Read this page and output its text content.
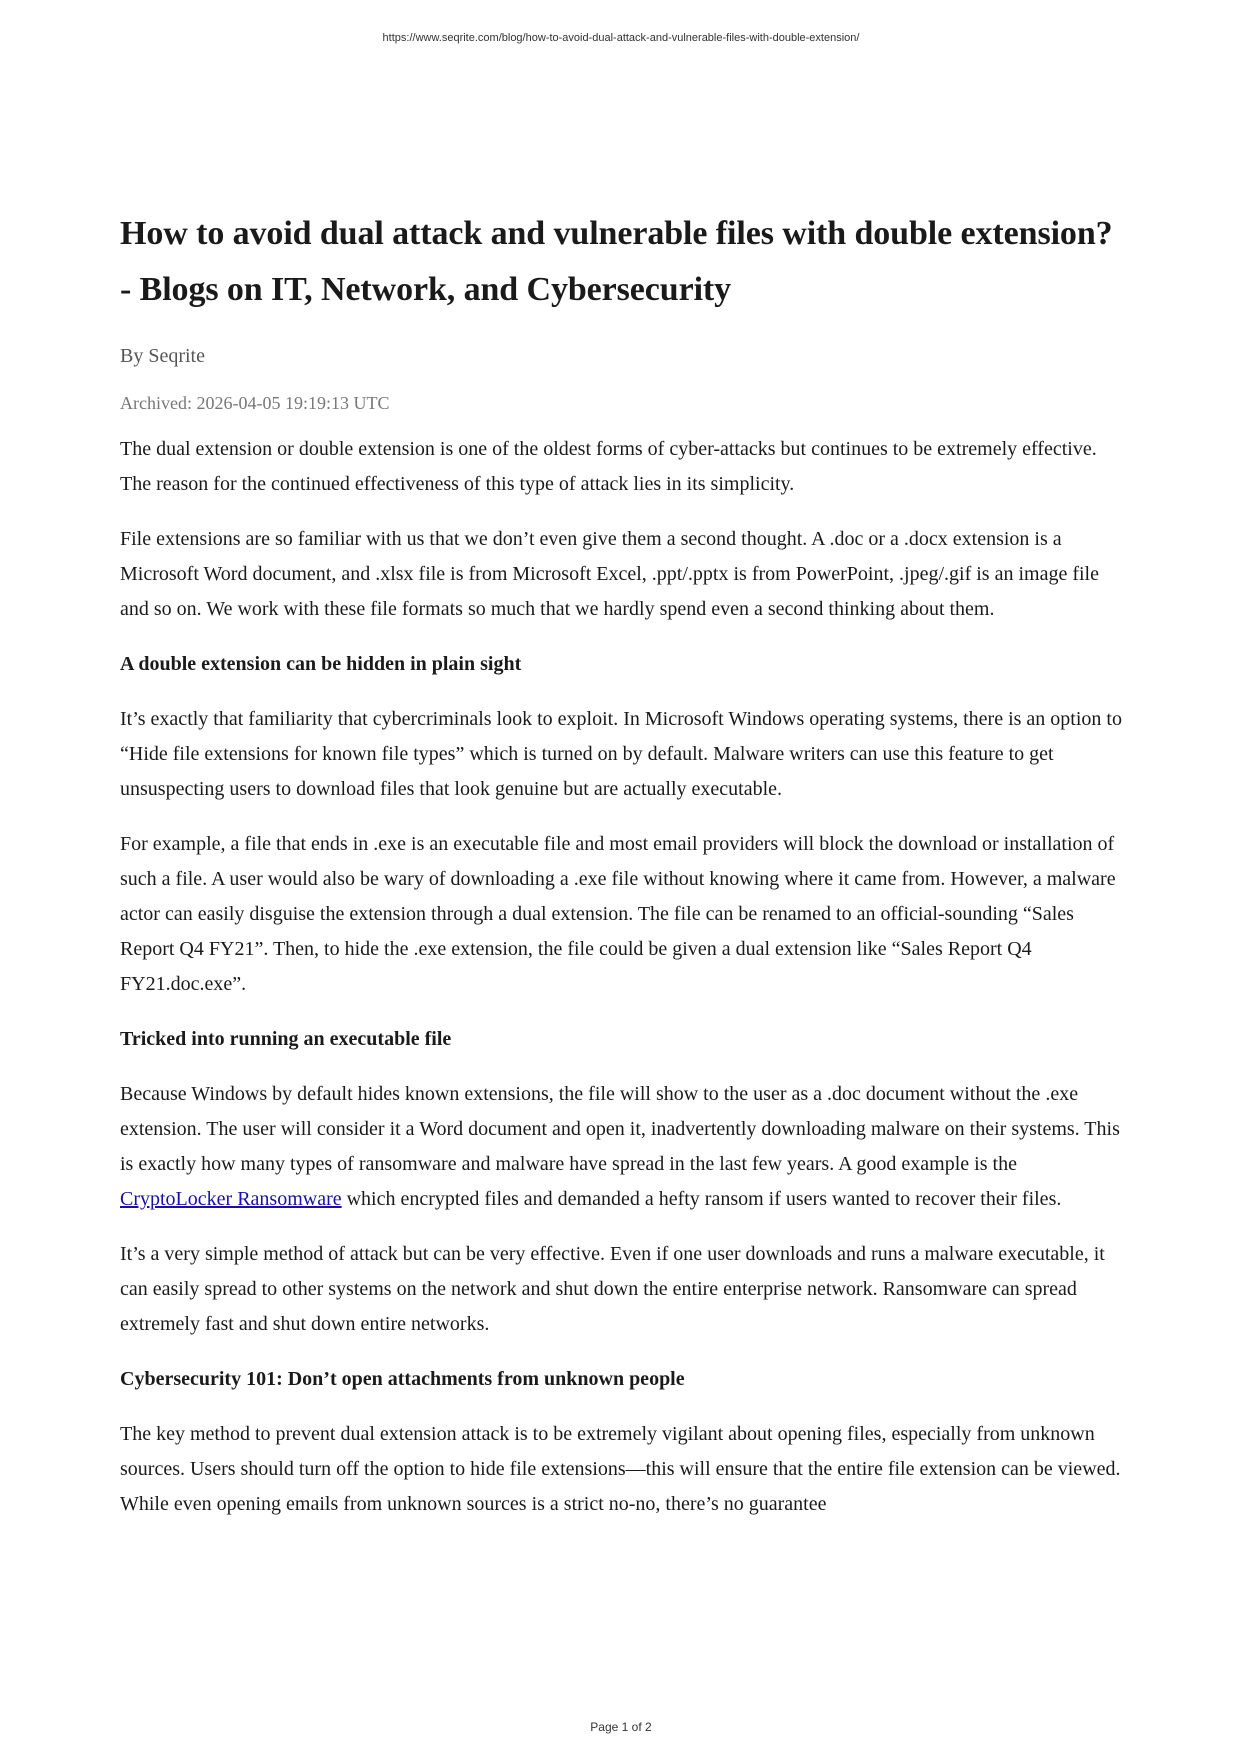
https://www.seqrite.com/blog/how-to-avoid-dual-attack-and-vulnerable-files-with-double-extension/
How to avoid dual attack and vulnerable files with double extension? - Blogs on IT, Network, and Cybersecurity
By Seqrite
Archived: 2026-04-05 19:19:13 UTC

The dual extension or double extension is one of the oldest forms of cyber-attacks but continues to be extremely effective. The reason for the continued effectiveness of this type of attack lies in its simplicity.

File extensions are so familiar with us that we don’t even give them a second thought. A .doc or a .docx extension is a Microsoft Word document, and .xlsx file is from Microsoft Excel, .ppt/.pptx is from PowerPoint, .jpeg/.gif is an image file and so on. We work with these file formats so much that we hardly spend even a second thinking about them.

A double extension can be hidden in plain sight

It’s exactly that familiarity that cybercriminals look to exploit. In Microsoft Windows operating systems, there is an option to “Hide file extensions for known file types” which is turned on by default. Malware writers can use this feature to get unsuspecting users to download files that look genuine but are actually executable.

For example, a file that ends in .exe is an executable file and most email providers will block the download or installation of such a file. A user would also be wary of downloading a .exe file without knowing where it came from. However, a malware actor can easily disguise the extension through a dual extension. The file can be renamed to an official-sounding “Sales Report Q4 FY21”. Then, to hide the .exe extension, the file could be given a dual extension like “Sales Report Q4 FY21.doc.exe”.

Tricked into running an executable file

Because Windows by default hides known extensions, the file will show to the user as a .doc document without the .exe extension. The user will consider it a Word document and open it, inadvertently downloading malware on their systems. This is exactly how many types of ransomware and malware have spread in the last few years. A good example is the CryptoLocker Ransomware which encrypted files and demanded a hefty ransom if users wanted to recover their files.

It’s a very simple method of attack but can be very effective. Even if one user downloads and runs a malware executable, it can easily spread to other systems on the network and shut down the entire enterprise network. Ransomware can spread extremely fast and shut down entire networks.

Cybersecurity 101: Don’t open attachments from unknown people

The key method to prevent dual extension attack is to be extremely vigilant about opening files, especially from unknown sources. Users should turn off the option to hide file extensions—this will ensure that the entire file extension can be viewed. While even opening emails from unknown sources is a strict no-no, there’s no guarantee

Page 1 of 2
